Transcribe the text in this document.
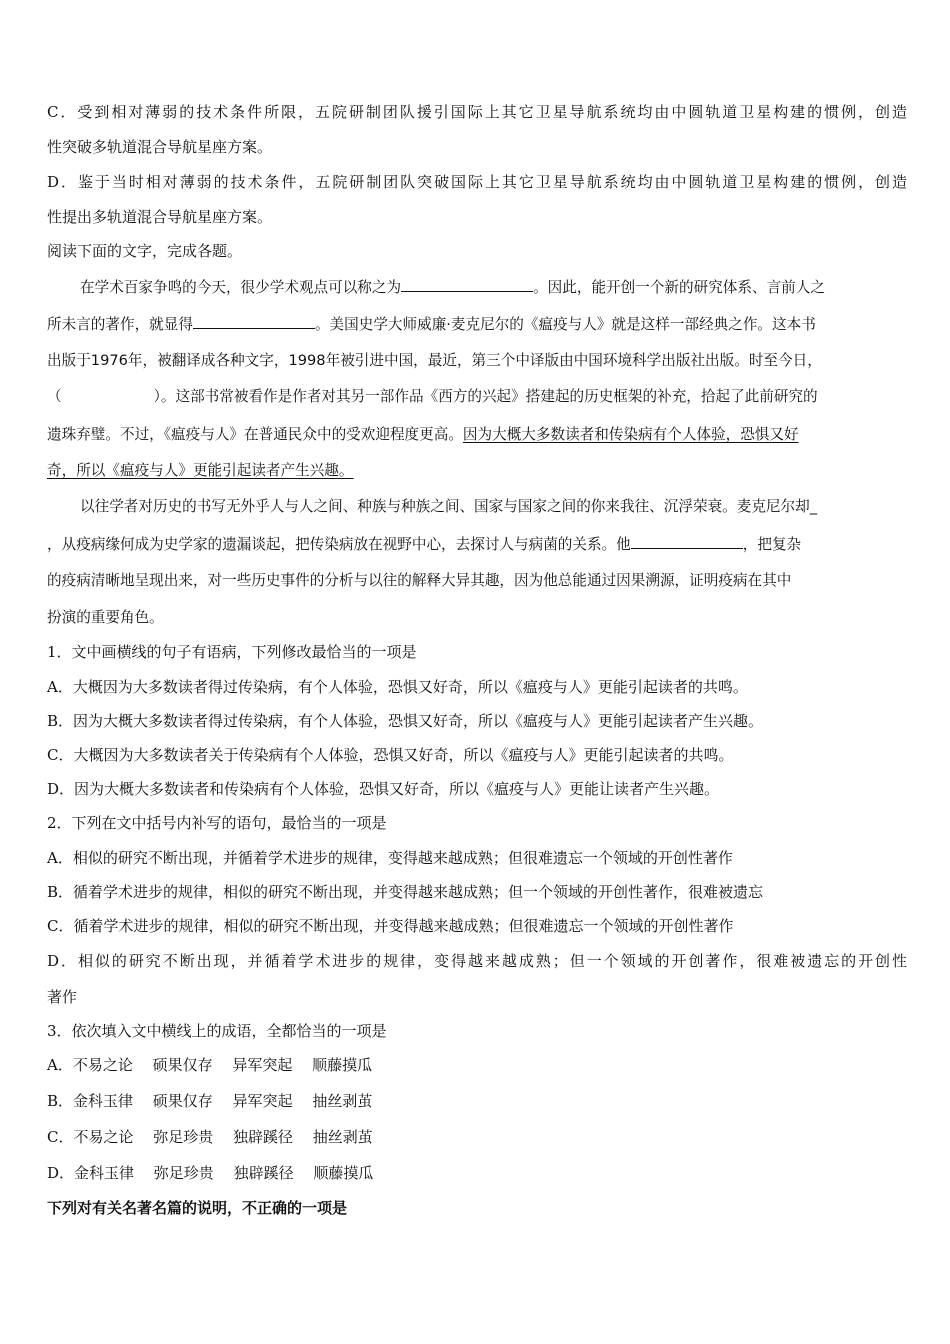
C．受到相对薄弱的技术条件所限，五院研制团队援引国际上其它卫星导航系统均由中圆轨道卫星构建的惯例，创造
性突破多轨道混合导航星座方案。
D．鉴于当时相对薄弱的技术条件，五院研制团队突破国际上其它卫星导航系统均由中圆轨道卫星构建的惯例，创造
性提出多轨道混合导航星座方案。
阅读下面的文字，完成各题。
在学术百家争鸣的今天，很少学术观点可以称之为	。因此，能开创一个新的研究体系、言前人之
所未言的著作，就显得	。美国史学大师威廉·麦克尼尔的《瘟疫与人》就是这样一部经典之作。这本书
出版于1976年，被翻译成各种文字，1998年被引进中国，最近，第三个中译版由中国环境科学出版社出版。时至今日，
（	）。这部书常被看作是作者对其另一部作品《西方的兴起》搭建起的历史框架的补充，拾起了此前研究的
遗珠弃璧。不过，《瘟疫与人》在普通民众中的受欢迎程度更高。因为大概大多数读者和传染病有个人体验，恐惧又好
奇，所以《瘟疫与人》更能引起读者产生兴趣。
以往学者对历史的书写无外乎人与人之间、种族与种族之间、国家与国家之间的你来我往、沉浮荣衰。麦克尼尔却_
，从疫病缘何成为史学家的遗漏谈起，把传染病放在视野中心，去探讨人与病菌的关系。他	，把复杂
的疫病清晰地呈现出来，对一些历史事件的分析与以往的解释大异其趣，因为他总能通过因果溯源，证明疫病在其中
扮演的重要角色。
1．文中画横线的句子有语病，下列修改最恰当的一项是
A．大概因为大多数读者得过传染病，有个人体验，恐惧又好奇，所以《瘟疫与人》更能引起读者的共鸣。
B．因为大概大多数读者得过传染病，有个人体验，恐惧又好奇，所以《瘟疫与人》更能引起读者产生兴趣。
C．大概因为大多数读者关于传染病有个人体验，恐惧又好奇，所以《瘟疫与人》更能引起读者的共鸣。
D．因为大概大多数读者和传染病有个人体验，恐惧又好奇，所以《瘟疫与人》更能让读者产生兴趣。
2．下列在文中括号内补写的语句，最恰当的一项是
A．相似的研究不断出现，并循着学术进步的规律，变得越来越成熟；但很难遗忘一个领域的开创性著作
B．循着学术进步的规律，相似的研究不断出现，并变得越来越成熟；但一个领域的开创性著作，很难被遗忘
C．循着学术进步的规律，相似的研究不断出现，并变得越来越成熟；但很难遗忘一个领域的开创性著作
D．相似的研究不断出现，并循着学术进步的规律，变得越来越成熟；但一个领域的开创著作，很难被遗忘的开创性
著作
3．依次填入文中横线上的成语，全都恰当的一项是
A．不易之论　 硕果仅存　 异军突起　 顺藤摸瓜
B．金科玉律　 硕果仅存　 异军突起　 抽丝剥茧
C．不易之论　 弥足珍贵　 独辟蹊径　 抽丝剥茧
D．金科玉律　 弥足珍贵　 独辟蹊径　 顺藤摸瓜
下列对有关名著名篇的说明，不正确的一项是
